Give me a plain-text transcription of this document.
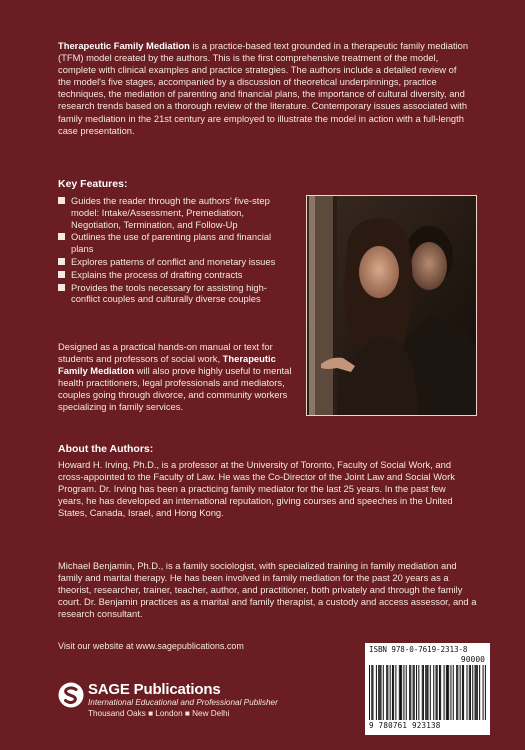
Therapeutic Family Mediation is a practice-based text grounded in a therapeutic family mediation (TFM) model created by the authors. This is the first comprehensive treatment of the model, complete with clinical examples and practice strategies. The authors include a detailed review of the model's five stages, accompanied by a discussion of theoretical underpinnings, practice techniques, the mediation of parenting and financial plans, the importance of cultural diversity, and research trends based on a thorough review of the literature. Contemporary issues associated with family mediation in the 21st century are employed to illustrate the model in action with a full-length case presentation.

Key Features:
Guides the reader through the authors' five-step model: Intake/Assessment, Premediation, Negotiation, Termination, and Follow-Up
Outlines the use of parenting plans and financial plans
Explores patterns of conflict and monetary issues
Explains the process of drafting contracts
Provides the tools necessary for assisting high-conflict couples and culturally diverse couples

Designed as a practical hands-on manual or text for students and professors of social work, Therapeutic Family Mediation will also prove highly useful to mental health practitioners, legal professionals and mediators, couples going through divorce, and community workers specializing in family services.

About the Authors:

Howard H. Irving, Ph.D., is a professor at the University of Toronto, Faculty of Social Work, and cross-appointed to the Faculty of Law. He was the Co-Director of the Joint Law and Social Work Program. Dr. Irving has been a practicing family mediator for the last 25 years. In the past few years, he has developed an international reputation, giving courses and speeches in the United States, Canada, Israel, and Hong Kong.

Michael Benjamin, Ph.D., is a family sociologist, with specialized training in family mediation and family and marital therapy. He has been involved in family mediation for the past 20 years as a theorist, researcher, trainer, teacher, author, and practitioner, both privately and through the family court. Dr. Benjamin practices as a marital and family therapist, a custody and access assessor, and a research consultant.

Visit our website at www.sagepublications.com
SAGE Publications
International Educational and Professional Publisher
Thousand Oaks ■ London ■ New Delhi
ISBN 978-0-7619-2313-8
90000
9 780761 923138
